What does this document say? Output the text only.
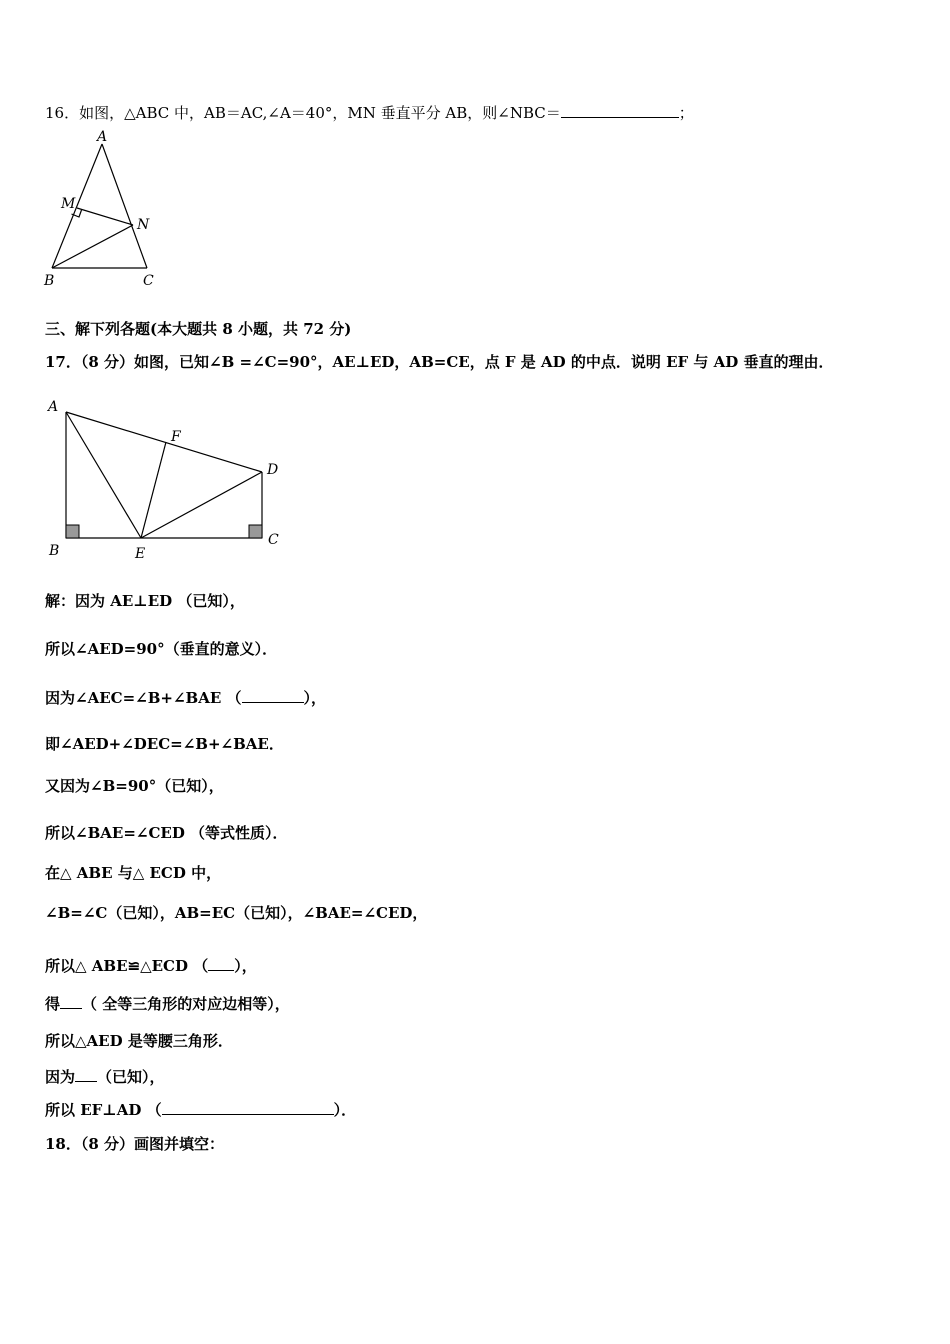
16．如图，△ABC 中，AB＝AC,∠A＝40°，MN 垂直平分 AB，则∠NBC＝	；
A
M
N
B	C
三、解下列各题(本大题共 8 小题，共 72 分)
17．（8 分）如图，已知∠B =∠C=90°，AE⊥ED，AB=CE，点 F 是 AD 的中点．说明 EF 与 AD 垂直的理由．
A
F
D
B	E
C
解：因为 AE⊥ED （已知），
所以∠AED=90°（垂直的意义）．
因为∠AEC=∠B+∠BAE （	），
即∠AED+∠DEC=∠B+∠BAE．
又因为∠B=90°（已知），
所以∠BAE=∠CED （等式性质）．
在△ ABE 与△ ECD 中，
∠B=∠C（已知），AB=EC（已知），∠BAE=∠CED，
所以△ ABE≌△ECD （ ），
得 （ 全等三角形的对应边相等），
所以△AED 是等腰三角形．
因为 （已知），
所以 EF⊥AD （	）．
18．（8 分）画图并填空：
